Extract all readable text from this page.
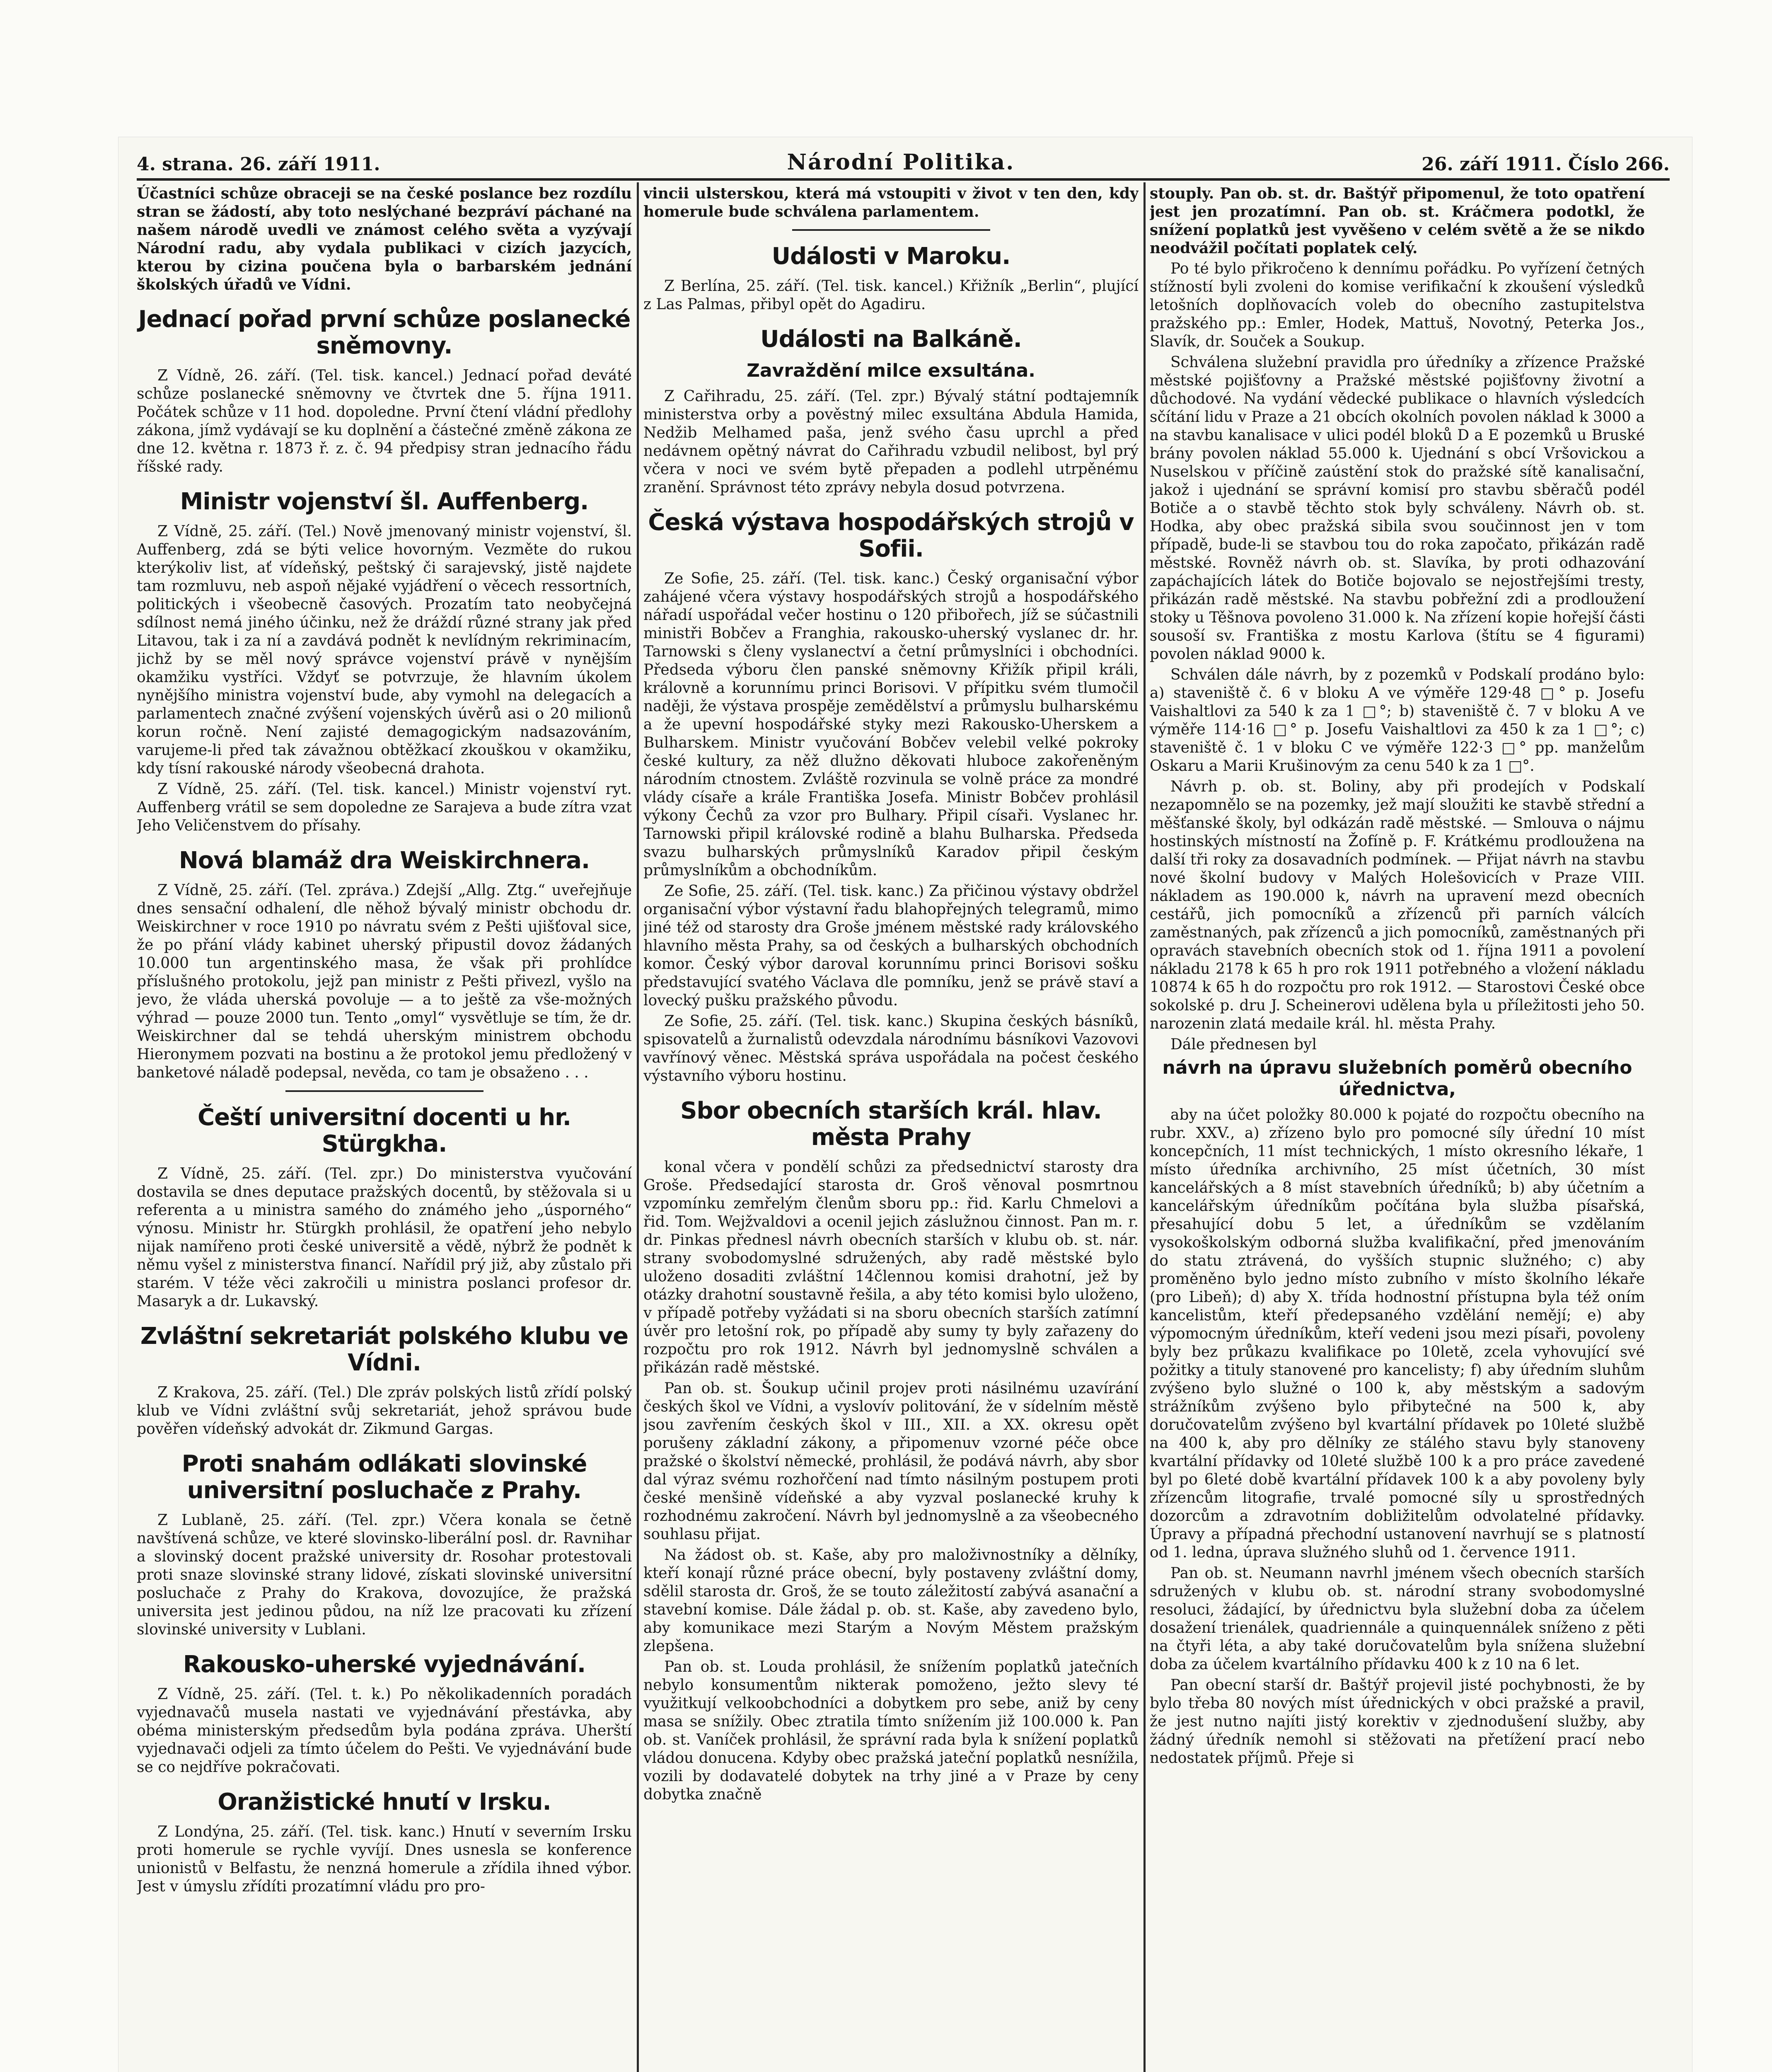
4. strana. 26. září 1911.	Národní Politika.	26. září 1911. Číslo 266.

Účastníci schůze obraceji se na české poslance bez rozdílu stran se žádostí, aby toto neslýchané bezpráví páchané na našem národě uvedli ve známost celého světa a vyzývají Národní radu, aby vydala publikaci v cizích jazycích, kterou by cizina poučena byla o barbarském jednání školských úřadů ve Vídni.

Jednací pořad první schůze poslanecké sněmovny.

Z Vídně, 26. září. (Tel. tisk. kancel.) Jednací pořad deváté schůze poslanecké sněmovny ve čtvrtek dne 5. října 1911. Počátek schůze v 11 hod. dopoledne. První čtení vládní předlohy zákona, jímž vydávají se ku doplnění a částečné změně zákona ze dne 12. května r. 1873 ř. z. č. 94 předpisy stran jednacího řádu říšské rady.

Ministr vojenství šl. Auffenberg.

Z Vídně, 25. září. (Tel.) Nově jmenovaný ministr vojenství, šl. Auffenberg, zdá se býti velice hovorným. Vezměte do rukou kterýkoliv list, ať vídeňský, peštský či sarajevský, jistě najdete tam rozmluvu, neb aspoň nějaké vyjádření o věcech ressortních, politických i všeobecně časových. Prozatím tato neobyčejná sdílnost nemá jiného účinku, než že dráždí různé strany jak před Litavou, tak i za ní a zavdává podnět k nevlídným rekriminacím, jichž by se měl nový správce vojenství právě v nynějším okamžiku vystříci. Vždyť se potvrzuje, že hlavním úkolem nynějšího ministra vojenství bude, aby vymohl na delegacích a parlamentech značné zvýšení vojenských úvěrů asi o 20 milionů korun ročně. Není zajisté demagogickým nadsazováním, varujeme-li před tak závažnou obtěžkací zkouškou v okamžiku, kdy tísní rakouské národy všeobecná drahota.

Z Vídně, 25. září. (Tel. tisk. kancel.) Ministr vojenství ryt. Auffenberg vrátil se sem dopoledne ze Sarajeva a bude zítra vzat Jeho Veličenstvem do přísahy.

Nová blamáž dra Weiskirchnera.

Z Vídně, 25. září. (Tel. zpráva.) Zdejší „Allg. Ztg.“ uveřejňuje dnes sensační odhalení, dle něhož bývalý ministr obchodu dr. Weiskirchner v roce 1910 po návratu svém z Pešti ujišťoval sice, že po přání vlády kabinet uherský připustil dovoz žádaných 10.000 tun argentinského masa, že však při prohlídce příslušného protokolu, jejž pan ministr z Pešti přivezl, vyšlo na jevo, že vláda uherská povoluje — a to ještě za vše-možných výhrad — pouze 2000 tun. Tento „omyl“ vysvětluje se tím, že dr. Weiskirchner dal se tehdá uherským ministrem obchodu Hieronymem pozvati na bostinu a že protokol jemu předložený v banketové náladě podepsal, nevěda, co tam je obsaženo . . .

Čeští universitní docenti u hr. Stürgkha.

Z Vídně, 25. září. (Tel. zpr.) Do ministerstva vyučování dostavila se dnes deputace pražských docentů, by stěžovala si u referenta a u ministra samého do známého jeho „úsporného“ výnosu. Ministr hr. Stürgkh prohlásil, že opatření jeho nebylo nijak namířeno proti české universitě a vědě, nýbrž že podnět k němu vyšel z ministerstva financí. Nařídil prý již, aby zůstalo při starém. V téže věci zakročili u ministra poslanci profesor dr. Masaryk a dr. Lukavský.

Zvláštní sekretariát polského klubu ve Vídni.

Z Krakova, 25. září. (Tel.) Dle zpráv polských listů zřídí polský klub ve Vídni zvláštní svůj sekretariát, jehož správou bude pověřen vídeňský advokát dr. Zikmund Gargas.

Proti snahám odlákati slovinské universitní posluchače z Prahy.

Z Lublaně, 25. září. (Tel. zpr.) Včera konala se četně navštívená schůze, ve které slovinsko-liberální posl. dr. Ravnihar a slovinský docent pražské university dr. Rosohar protestovali proti snaze slovinské strany lidové, získati slovinské universitní posluchače z Prahy do Krakova, dovozujíce, že pražská universita jest jedinou půdou, na níž lze pracovati ku zřízení slovinské university v Lublani.

Rakousko-uherské vyjednávání.

Z Vídně, 25. září. (Tel. t. k.) Po několikadenních poradách vyjednavačů musela nastati ve vyjednávání přestávka, aby obéma ministerským předsedům byla podána zpráva. Uherští vyjednavači odjeli za tímto účelem do Pešti. Ve vyjednávání bude se co nejdříve pokračovati.

Oranžistické hnutí v Irsku.

Z Londýna, 25. září. (Tel. tisk. kanc.) Hnutí v severním Irsku proti homerule se rychle vyvíjí. Dnes usnesla se konference unionistů v Belfastu, že nenzná homerule a zřídila ihned výbor. Jest v úmyslu zřídíti prozatímní vládu pro pro-

vincii ulsterskou, která má vstoupiti v život v ten den, kdy homerule bude schválena parlamentem.

Události v Maroku.

Z Berlína, 25. září. (Tel. tisk. kancel.) Křižník „Berlin“, plující z Las Palmas, přibyl opět do Agadiru.

Události na Balkáně.
Zavraždění milce exsultána.

Z Cařihradu, 25. září. (Tel. zpr.) Bývalý státní podtajemník ministerstva orby a pověstný milec exsultána Abdula Hamida, Nedžib Melhamed paša, jenž svého času uprchl a před nedávnem opětný návrat do Cařihradu vzbudil nelibost, byl prý včera v noci ve svém bytě přepaden a podlehl utrpěnému zranění. Správnost této zprávy nebyla dosud potvrzena.

Česká výstava hospodářských strojů v Sofii.

Ze Sofie, 25. září. (Tel. tisk. kanc.) Český organisační výbor zahájené včera výstavy hospodářských strojů a hospodářského nářadí uspořádal večer hostinu o 120 přibořech, jíž se súčastnili ministři Bobčev a Franghia, rakousko-uherský vyslanec dr. hr. Tarnowski s členy vyslanectví a četní průmyslníci i obchodníci. Předseda výboru člen panské sněmovny Křižík připil králi, královně a korunnímu princi Borisovi. V přípitku svém tlumočil naději, že výstava prospěje zemědělství a průmyslu bulharskému a že upevní hospodářské styky mezi Rakousko-Uherskem a Bulharskem. Ministr vyučování Bobčev velebil velké pokroky české kultury, za něž dlužno děkovati hluboce zakořeněným národním ctnostem. Zvláště rozvinula se volně práce za mondré vlády císaře a krále Františka Josefa. Ministr Bobčev prohlásil výkony Čechů za vzor pro Bulhary. Připil císaři. Vyslanec hr. Tarnowski připil královské rodině a blahu Bulharska. Předseda svazu bulharských průmyslníků Karadov připil českým průmyslníkům a obchodníkům.

Ze Sofie, 25. září. (Tel. tisk. kanc.) Za přičinou výstavy obdržel organisační výbor výstavní řadu blahopřejných telegramů, mimo jiné též od starosty dra Groše jménem městské rady královského hlavního města Prahy, sa od českých a bulharských obchodních komor. Český výbor daroval korunnímu princi Borisovi sošku představující svatého Václava dle pomníku, jenž se právě staví a lovecký pušku pražského původu.

Ze Sofie, 25. září. (Tel. tisk. kanc.) Skupina českých básníků, spisovatelů a žurnalistů odevzdala národnímu básníkovi Vazovovi vavřínový věnec. Městská správa uspořádala na počest českého výstavního výboru hostinu.

Sbor obecních starších král. hlav. města Prahy

konal včera v pondělí schůzi za předsednictví starosty dra Groše. Předsedající starosta dr. Groš věnoval posmrtnou vzpomínku zemřelým členům sboru pp.: řid. Karlu Chmelovi a řid. Tom. Wejžvaldovi a ocenil jejich záslužnou činnost. Pan m. r. dr. Pinkas přednesl návrh obecních starších v klubu ob. st. nár. strany svobodomyslné sdružených, aby radě městské bylo uloženo dosaditi zvláštní 14člennou komisi drahotní, jež by otázky drahotní soustavně řešila, a aby této komisi bylo uloženo, v případě potřeby vyžádati si na sboru obecních starších zatímní úvěr pro letošní rok, po případě aby sumy ty byly zařazeny do rozpočtu pro rok 1912. Návrh byl jednomyslně schválen a přikázán radě městské.

Pan ob. st. Šoukup učinil projev proti násilnému uzavírání českých škol ve Vídni, a vyslovív politování, že v sídelním městě jsou zavřením českých škol v III., XII. a XX. okresu opět porušeny základní zákony, a připomenuv vzorné péče obce pražské o školství německé, prohlásil, že podává návrh, aby sbor dal výraz svému rozhořčení nad tímto násilným postupem proti české menšině vídeňské a aby vyzval poslanecké kruhy k rozhodnému zakročení. Návrh byl jednomyslně a za všeobecného souhlasu přijat.

Na žádost ob. st. Kaše, aby pro maloživnostníky a dělníky, kteří konají různé práce obecní, byly postaveny zvláštní domy, sdělil starosta dr. Groš, že se touto záležitostí zabývá asanační a stavební komise. Dále žádal p. ob. st. Kaše, aby zavedeno bylo, aby komunikace mezi Starým a Novým Městem pražským zlepšena.

Pan ob. st. Louda prohlásil, že snížením poplatků jatečních nebylo konsumentům nikterak pomoženo, ježto slevy té využitkují velkoobchodníci a dobytkem pro sebe, aniž by ceny masa se snížily. Obec ztratila tímto snížením již 100.000 k. Pan ob. st. Vaníček prohlásil, že správní rada byla k snížení poplatků vládou donucena. Kdyby obec pražská jateční poplatků nesnížila, vozili by dodavatelé dobytek na trhy jiné a v Praze by ceny dobytka značně

stouply. Pan ob. st. dr. Baštýř připomenul, že toto opatření jest jen prozatímní. Pan ob. st. Kráčmera podotkl, že snížení poplatků jest vyvěšeno v celém světě a že se nikdo neodvážil počítati poplatek celý.

Po té bylo přikročeno k dennímu pořádku. Po vyřízení četných stížností byli zvoleni do komise verifikační k zkoušení výsledků letošních doplňovacích voleb do obecního zastupitelstva pražského pp.: Emler, Hodek, Mattuš, Novotný, Peterka Jos., Slavík, dr. Souček a Soukup.

Schválena služební pravidla pro úředníky a zřízence Pražské městské pojišťovny a Pražské městské pojišťovny životní a důchodové. Na vydání vědecké publikace o hlavních výsledcích sčítání lidu v Praze a 21 obcích okolních povolen náklad k 3000 a na stavbu kanalisace v ulici podél bloků D a E pozemků u Bruské brány povolen náklad 55.000 k. Ujednání s obcí Vršovickou a Nuselskou v příčině zaústění stok do pražské sítě kanalisační, jakož i ujednání se správní komisí pro stavbu sběračů podél Botiče a o stavbě těchto stok byly schváleny. Návrh ob. st. Hodka, aby obec pražská sibila svou součinnost jen v tom případě, bude-li se stavbou tou do roka započato, přikázán radě městské. Rovněž návrh ob. st. Slavíka, by proti odhazování zapáchajících látek do Botiče bojovalo se nejostřejšími tresty, přikázán radě městské. Na stavbu pobřežní zdi a prodloužení stoky u Těšnova povoleno 31.000 k. Na zřízení kopie hořejší části sousoší sv. Františka z mostu Karlova (štítu se 4 figurami) povolen náklad 9000 k.

Schválen dále návrh, by z pozemků v Podskalí prodáno bylo: a) staveniště č. 6 v bloku A ve výměře 129·48 □° p. Josefu Vaishaltlovi za 540 k za 1 □°; b) staveniště č. 7 v bloku A ve výměře 114·16 □° p. Josefu Vaishaltlovi za 450 k za 1 □°; c) staveniště č. 1 v bloku C ve výměře 122·3 □° pp. manželům Oskaru a Marii Krušinovým za cenu 540 k za 1 □°.

Návrh p. ob. st. Boliny, aby při prodejích v Podskalí nezapomnělo se na pozemky, jež mají sloužiti ke stavbě střední a měšťanské školy, byl odkázán radě městské. — Smlouva o nájmu hostinských místností na Žofíně p. F. Krátkému prodloužena na další tři roky za dosavadních podmínek. — Přijat návrh na stavbu nové školní budovy v Malých Holešovicích v Praze VIII. nákladem as 190.000 k, návrh na upravení mezd obecních cestářů, jich pomocníků a zřízenců při parních válcích zaměstnaných, pak zřízenců a jich pomocníků, zaměstnaných při opravách stavebních obecních stok od 1. října 1911 a povolení nákladu 2178 k 65 h pro rok 1911 potřebného a vložení nákladu 10874 k 65 h do rozpočtu pro rok 1912. — Starostovi České obce sokolské p. dru J. Scheinerovi udělena byla u příležitosti jeho 50. narozenin zlatá medaile král. hl. města Prahy.

Dále přednesen byl

návrh na úpravu služebních poměrů obecního úřednictva,

aby na účet položky 80.000 k pojaté do rozpočtu obecního na rubr. XXV., a) zřízeno bylo pro pomocné síly úřední 10 míst koncepčních, 11 míst technických, 1 místo okresního lékaře, 1 místo úředníka archivního, 25 míst účetních, 30 míst kancelářských a 8 míst stavebních úředníků; b) aby účetním a kancelářským úředníkům počítána byla služba písařská, přesahující dobu 5 let, a úředníkům se vzdělaním vysokoškolským odborná služba kvalifikační, před jmenováním do statu ztrávená, do vyšších stupnic služného; c) aby proměněno bylo jedno místo zubního v místo školního lékaře (pro Libeň); d) aby X. třída hodnostní přístupna byla též oním kancelistům, kteří předepsaného vzdělání nemějí; e) aby výpomocným úředníkům, kteří vedeni jsou mezi písaři, povoleny byly bez průkazu kvalifikace po 10letě, zcela vyhovující své požitky a tituly stanovené pro kancelisty; f) aby úředním sluhům zvýšeno bylo služné o 100 k, aby městským a sadovým strážníkům zvýšeno bylo přibytečné na 500 k, aby doručovatelům zvýšeno byl kvartální přídavek po 10leté službě na 400 k, aby pro dělníky ze stálého stavu byly stanoveny kvartální přídavky od 10leté službě 100 k a pro práce zavedené byl po 6leté době kvartální přídavek 100 k a aby povoleny byly zřízencům litografie, trvalé pomocné síly u sprostředných dozorcům a zdravotním dobližitelům odvolatelné přídavky. Úpravy a případná přechodní ustanovení navrhují se s platností od 1. ledna, úprava služného sluhů od 1. července 1911.

Pan ob. st. Neumann navrhl jménem všech obecních starších sdružených v klubu ob. st. národní strany svobodomyslné resoluci, žádající, by úřednictvu byla služební doba za účelem dosažení trienálek, quadriennále a quinquennálek sníženo z pěti na čtyři léta, a aby také doručovatelům byla snížena služební doba za účelem kvartálního přídavku 400 k z 10 na 6 let.

Pan obecní starší dr. Baštýř projevil jisté pochybnosti, že by bylo třeba 80 nových míst úřednických v obci pražské a pravil, že jest nutno najíti jistý korektiv v zjednodušení služby, aby žádný úředník nemohl si stěžovati na přetížení prací nebo nedostatek příjmů. Přeje si
